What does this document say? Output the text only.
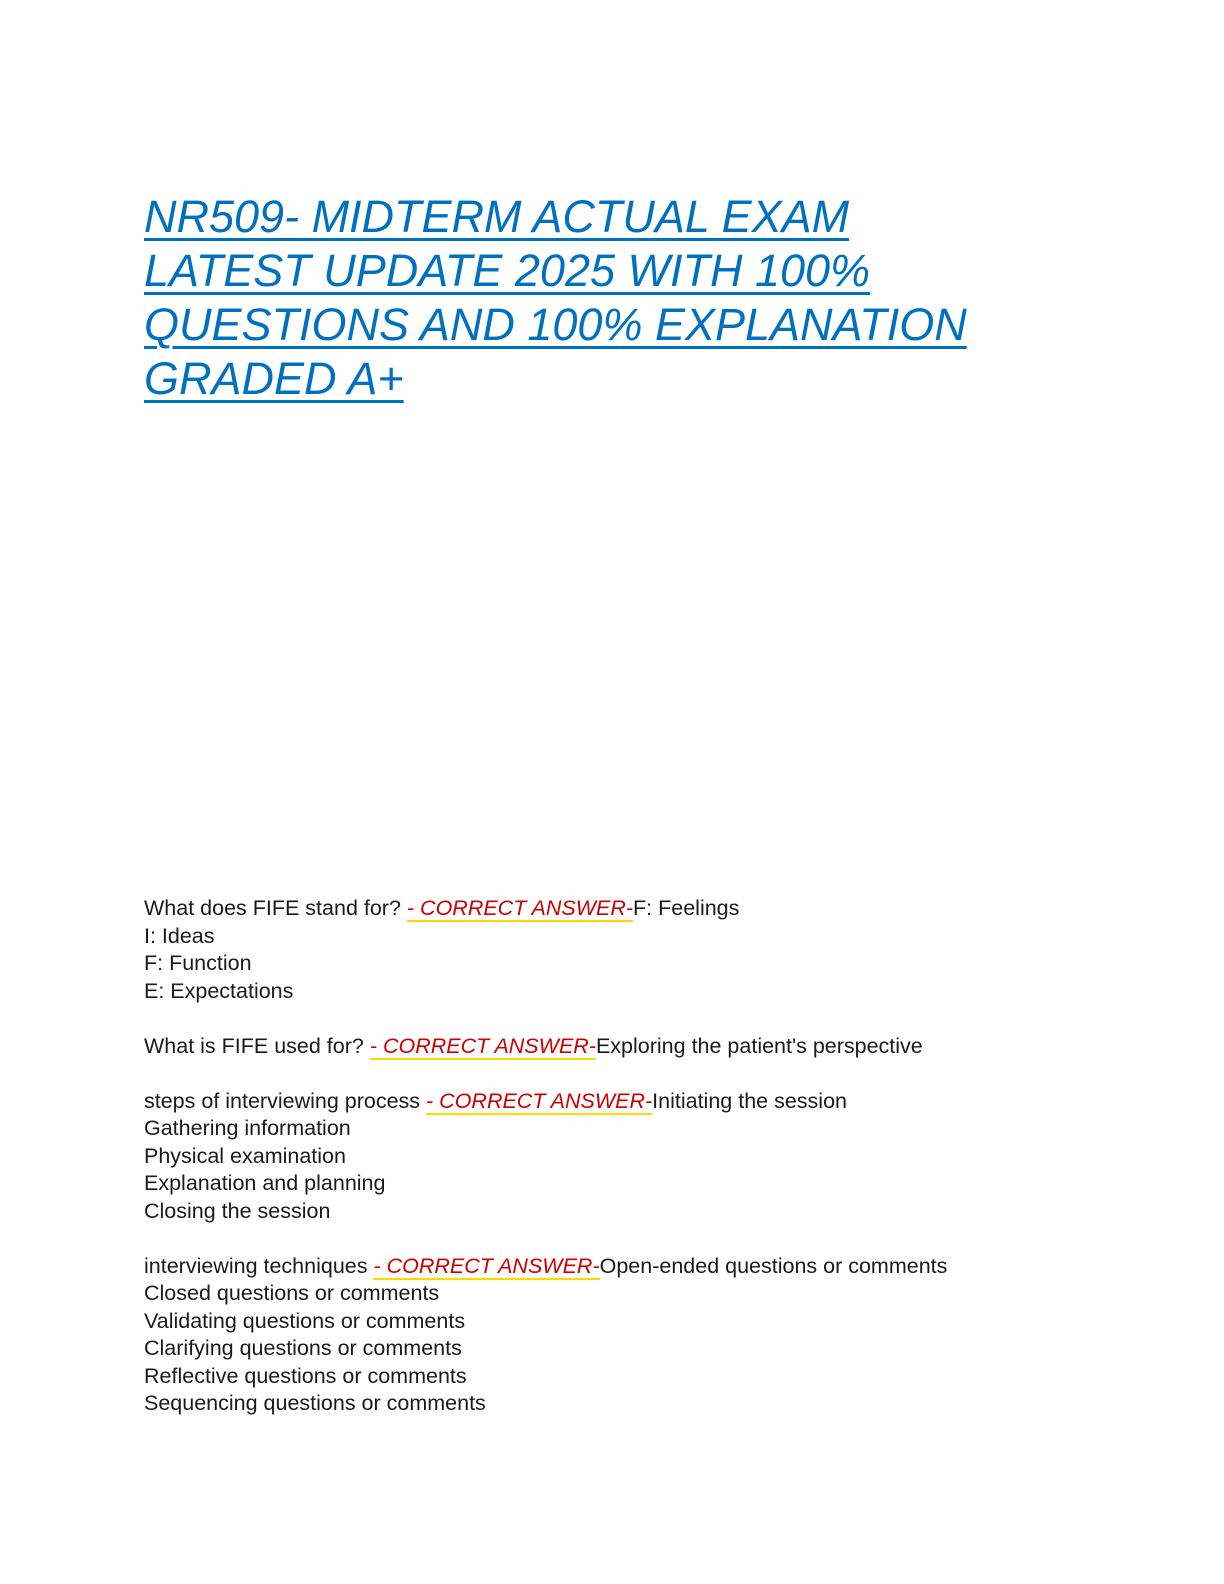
NR509- MIDTERM ACTUAL EXAM
LATEST UPDATE 2025 WITH 100%
QUESTIONS AND 100% EXPLANATION
GRADED A+
What does FIFE stand for? - CORRECT ANSWER-F: Feelings
I: Ideas
F: Function
E: Expectations
What is FIFE used for? - CORRECT ANSWER-Exploring the patient's perspective
steps of interviewing process - CORRECT ANSWER-Initiating the session
Gathering information
Physical examination
Explanation and planning
Closing the session
interviewing techniques - CORRECT ANSWER-Open-ended questions or comments
Closed questions or comments
Validating questions or comments
Clarifying questions or comments
Reflective questions or comments
Sequencing questions or comments
